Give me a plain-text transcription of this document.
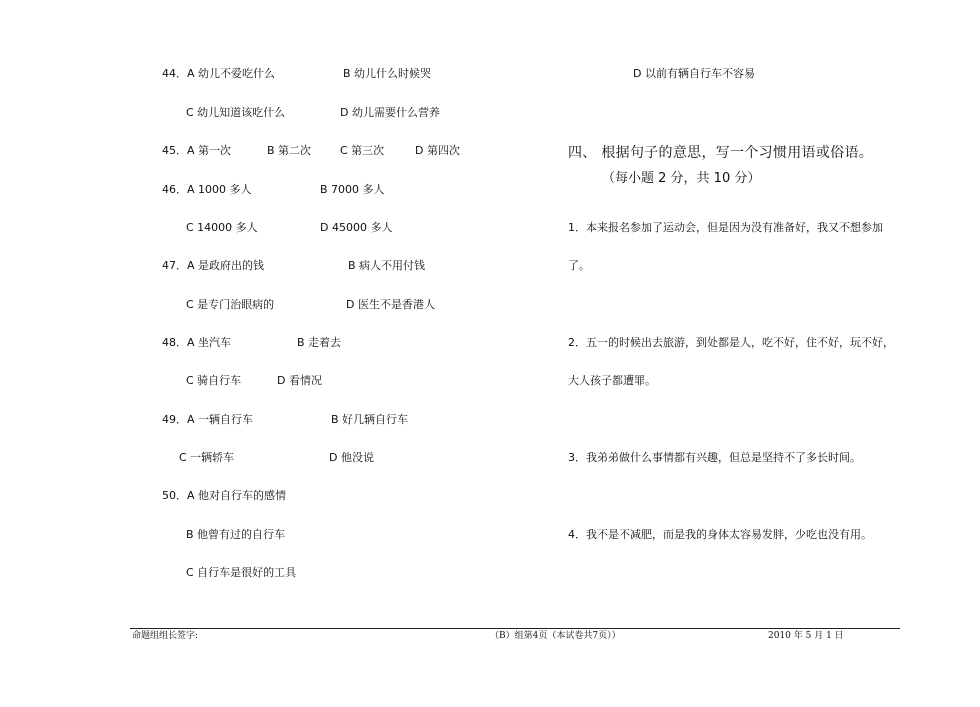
44．A 幼儿不爱吃什么	B 幼儿什么时候哭
C 幼儿知道该吃什么	D 幼儿需要什么营养
45．A 第一次	B 第二次	C 第三次	D 第四次
46．A 1000 多人	B 7000 多人
C 14000 多人	D 45000 多人
47．A 是政府出的钱	B 病人不用付钱
C 是专门治眼病的	D 医生不是香港人
48．A 坐汽车	B 走着去
C 骑自行车	D 看情况
49．A 一辆自行车	B 好几辆自行车
C 一辆轿车	D 他没说
50．A 他对自行车的感情
B 他曾有过的自行车
C 自行车是很好的工具
D 以前有辆自行车不容易
四、 根据句子的意思，写一个习惯用语或俗语。
（每小题 2 分，共 10 分）
1．本来报名参加了运动会，但是因为没有准备好，我又不想参加
了。
2．五一的时候出去旅游，到处都是人，吃不好，住不好，玩不好，
大人孩子都遭罪。
3．我弟弟做什么事情都有兴趣，但总是坚持不了多长时间。
4．我不是不减肥，而是我的身体太容易发胖，少吃也没有用。
命题组组长签字:	（B）组第4页（本试卷共7页））	2010 年 5 月 1 日
